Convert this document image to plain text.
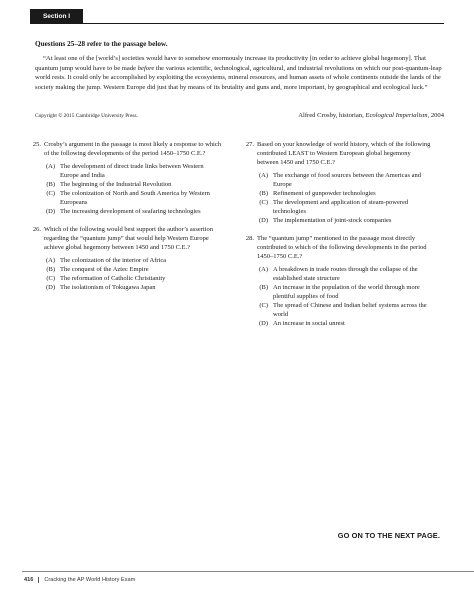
Section I
Questions 25–28 refer to the passage below.
“At least one of the [world’s] societies would have to somehow enormously increase its productivity [in order to achieve global hegemony]. That quantum jump would have to be made before the various scientific, technological, agricultural, and industrial revolutions on which our post-quantum-leap world rests. It could only be accomplished by exploiting the ecosystems, mineral resources, and human assets of whole continents outside the lands of the society making the jump. Western Europe did just that by means of its brutality and guns and, more important, by geographical and ecological luck.”
Copyright © 2015 Cambridge University Press.	Alfred Crosby, historian, Ecological Imperialism, 2004
25. Crosby’s argument in the passage is most likely a response to which of the following developments of the period 1450–1750 C.E.?
(A) The development of direct trade links between Western Europe and India
(B) The beginning of the Industrial Revolution
(C) The colonization of North and South America by Western Europeans
(D) The increasing development of seafaring technologies
26. Which of the following would best support the author’s assertion regarding the “quantum jump” that would help Western Europe achieve global hegemony between 1450 and 1750 C.E.?
(A) The colonization of the interior of Africa
(B) The conquest of the Aztec Empire
(C) The reformation of Catholic Christianity
(D) The isolationism of Tokugawa Japan
27. Based on your knowledge of world history, which of the following contributed LEAST to Western European global hegemony between 1450 and 1750 C.E.?
(A) The exchange of food sources between the Americas and Europe
(B) Refinement of gunpowder technologies
(C) The development and application of steam-powered technologies
(D) The implementation of joint-stock companies
28. The “quantum jump” mentioned in the passage most directly contributed to which of the following developments in the period 1450–1750 C.E.?
(A) A breakdown in trade routes through the collapse of the established state structure
(B) An increase in the population of the world through more plentiful supplies of food
(C) The spread of Chinese and Indian belief systems across the world
(D) An increase in social unrest
GO ON TO THE NEXT PAGE.
416	Cracking the AP World History Exam
